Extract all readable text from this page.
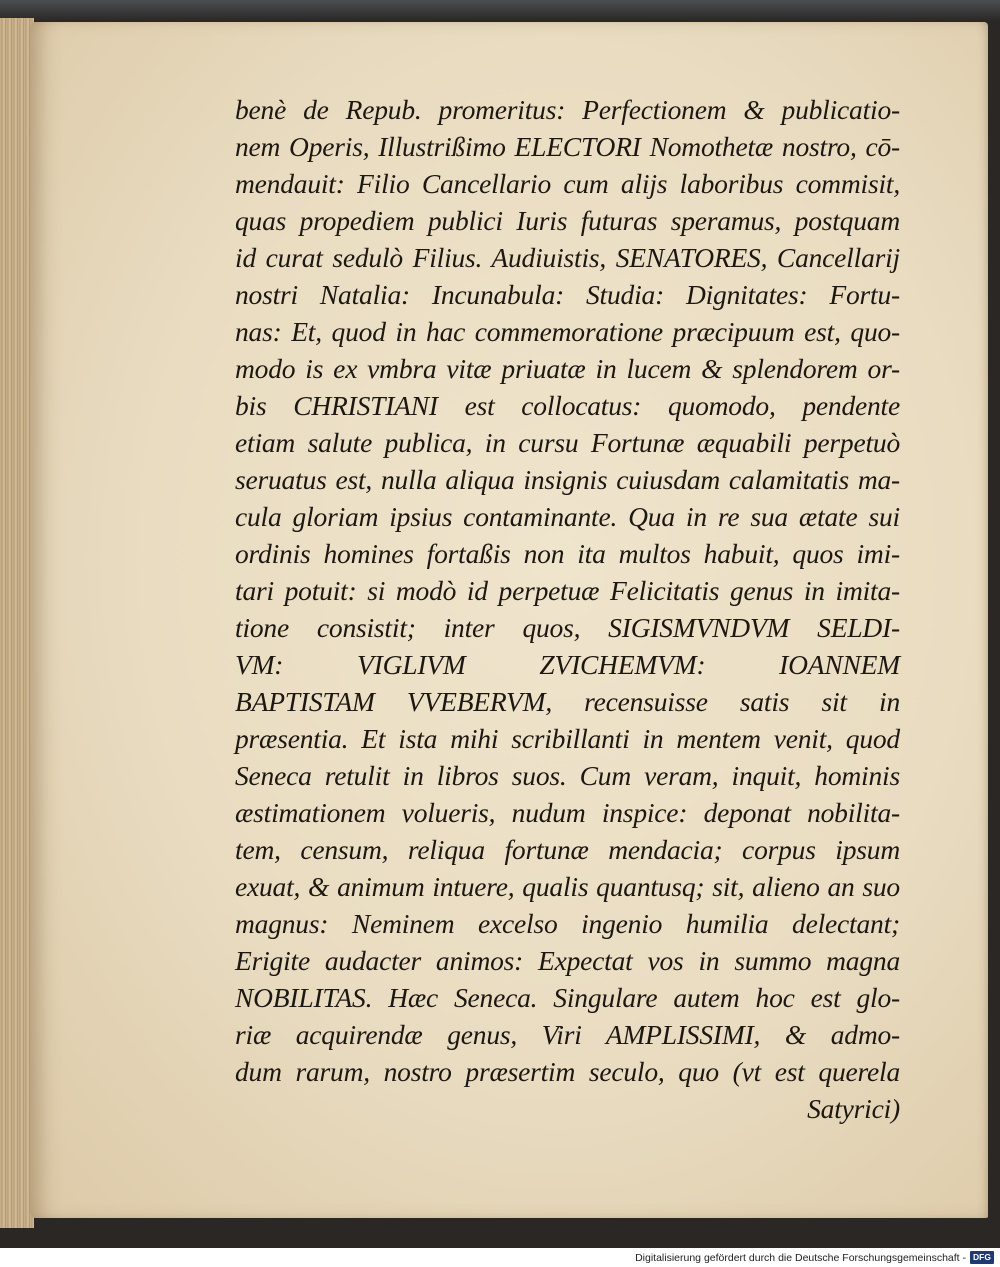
benè de Repub. promeritus: Perfectionem & publicatio-
nem Operis, Illustrißimo ELECTORI Nomothetæ nostro, cō-
mendauit: Filio Cancellario cum alijs laboribus commisit,
quas propediem publici Iuris futuras speramus, postquam
id curat sedulò Filius. Audiuistis, SENATORES, Cancellarij
nostri Natalia: Incunabula: Studia: Dignitates: Fortu-
nas: Et, quod in hac commemoratione præcipuum est, quo-
modo is ex vmbra vitæ priuatæ in lucem & splendorem or-
bis CHRISTIANI est collocatus: quomodo, pendente
etiam salute publica, in cursu Fortunæ æquabili perpetuò
seruatus est, nulla aliqua insignis cuiusdam calamitatis ma-
cula gloriam ipsius contaminante. Qua in re sua ætate sui
ordinis homines fortaßis non ita multos habuit, quos imi-
tari potuit: si modò id perpetuæ Felicitatis genus in imita-
tione consistit; inter quos, SIGISMVNDVM SELDI-
VM: VIGLIVM ZVICHEMVM: IOANNEM
BAPTISTAM VVEBERVM, recensuisse satis sit in
præsentia. Et ista mihi scribillanti in mentem venit, quod
Seneca retulit in libros suos. Cum veram, inquit, hominis
æstimationem volueris, nudum inspice: deponat nobilita-
tem, censum, reliqua fortunæ mendacia; corpus ipsum
exuat, & animum intuere, qualis quantusq; sit, alieno an suo
magnus: Neminem excelso ingenio humilia delectant;
Erigite audacter animos: Expectat vos in summo magna
NOBILITAS. Hæc Seneca. Singulare autem hoc est glo-
riæ acquirendæ genus, Viri AMPLISSIMI, & admo-
dum rarum, nostro præsertim seculo, quo (vt est querela
Satyrici)
Digitalisierung gefördert durch die Deutsche Forschungsgemeinschaft - DFG
